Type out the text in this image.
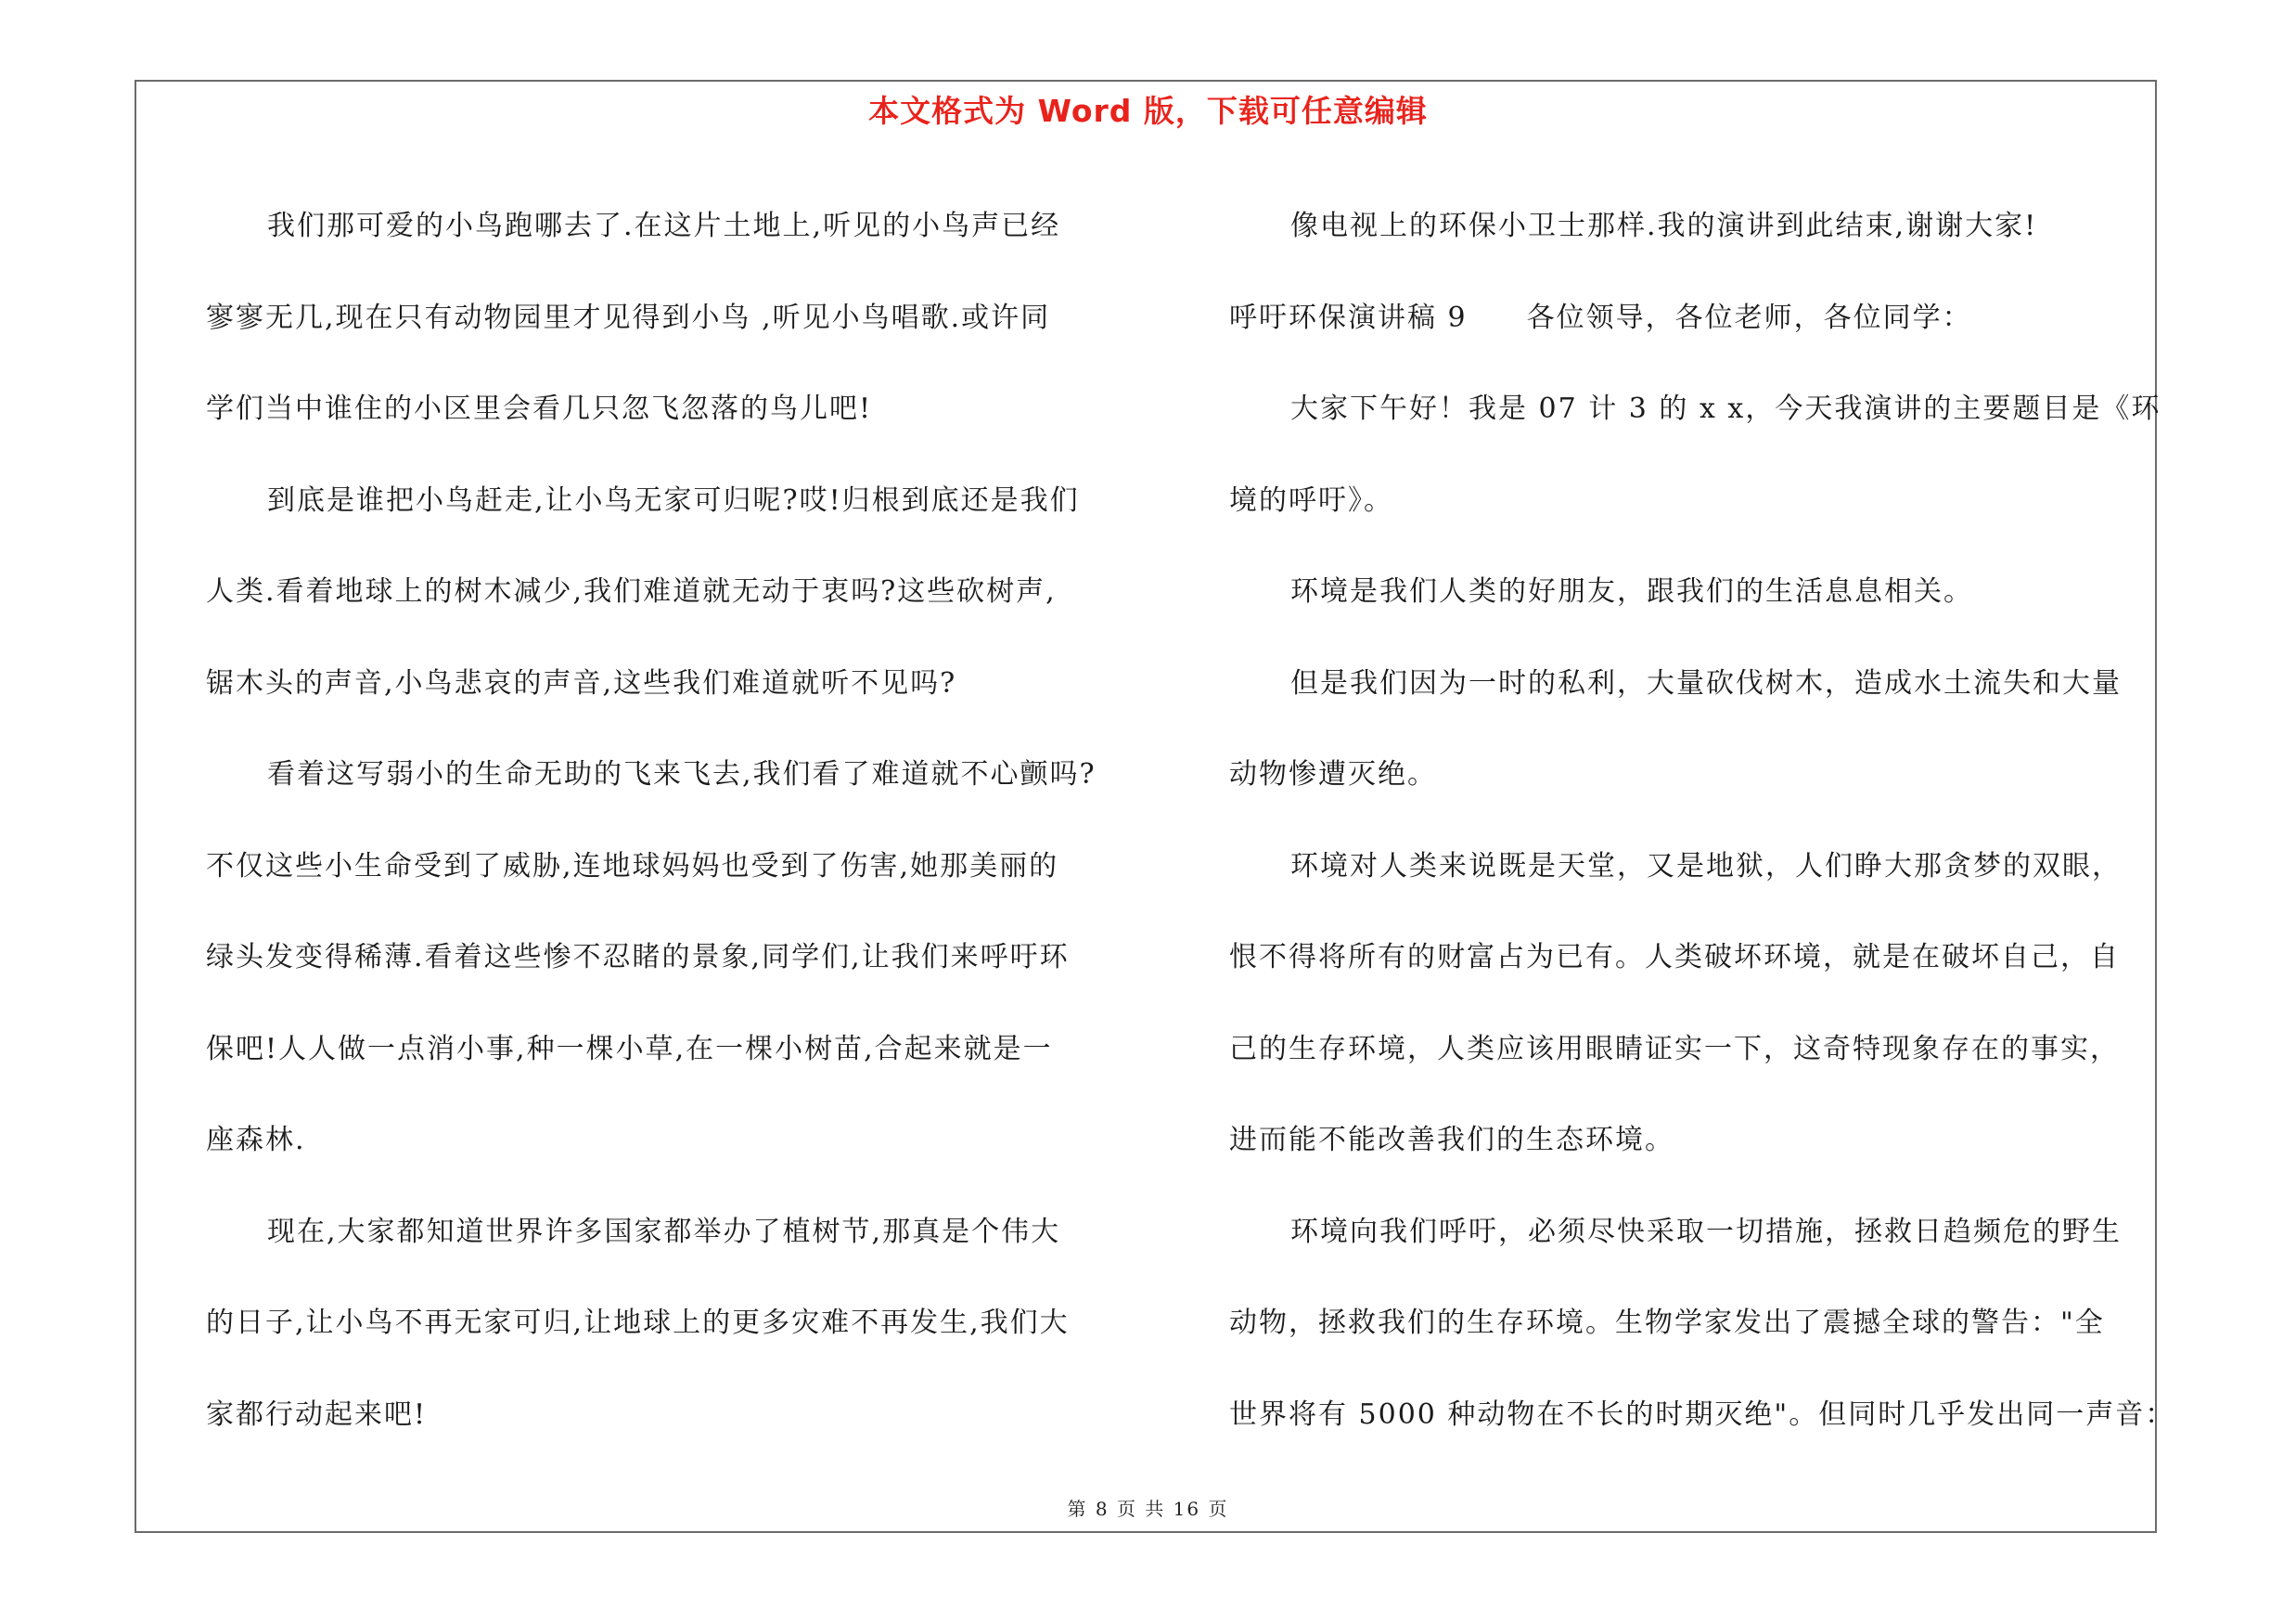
本文格式为 Word 版，下载可任意编辑
我们那可爱的小鸟跑哪去了.在这片土地上,听见的小鸟声已经
寥寥无几,现在只有动物园里才见得到小鸟 ,听见小鸟唱歌.或许同
学们当中谁住的小区里会看几只忽飞忽落的鸟儿吧!
到底是谁把小鸟赶走,让小鸟无家可归呢?哎!归根到底还是我们
人类.看着地球上的树木减少,我们难道就无动于衷吗?这些砍树声,
锯木头的声音,小鸟悲哀的声音,这些我们难道就听不见吗?
看着这写弱小的生命无助的飞来飞去,我们看了难道就不心颤吗?
不仅这些小生命受到了威胁,连地球妈妈也受到了伤害,她那美丽的
绿头发变得稀薄.看着这些惨不忍睹的景象,同学们,让我们来呼吁环
保吧!人人做一点消小事,种一棵小草,在一棵小树苗,合起来就是一
座森林.
现在,大家都知道世界许多国家都举办了植树节,那真是个伟大
的日子,让小鸟不再无家可归,让地球上的更多灾难不再发生,我们大
家都行动起来吧!
像电视上的环保小卫士那样.我的演讲到此结束,谢谢大家!
呼吁环保演讲稿 9　　各位领导，各位老师，各位同学：
大家下午好！我是 07 计 3 的 x x，今天我演讲的主要题目是《环
境的呼吁》。
环境是我们人类的好朋友，跟我们的生活息息相关。
但是我们因为一时的私利，大量砍伐树木，造成水土流失和大量
动物惨遭灭绝。
环境对人类来说既是天堂，又是地狱，人们睁大那贪梦的双眼，
恨不得将所有的财富占为已有。人类破坏环境，就是在破坏自己，自
己的生存环境，人类应该用眼睛证实一下，这奇特现象存在的事实，
进而能不能改善我们的生态环境。
环境向我们呼吁，必须尽快采取一切措施，拯救日趋频危的野生
动物，拯救我们的生存环境。生物学家发出了震撼全球的警告："全
世界将有 5000 种动物在不长的时期灭绝"。但同时几乎发出同一声音：
第 8 页 共 16 页
